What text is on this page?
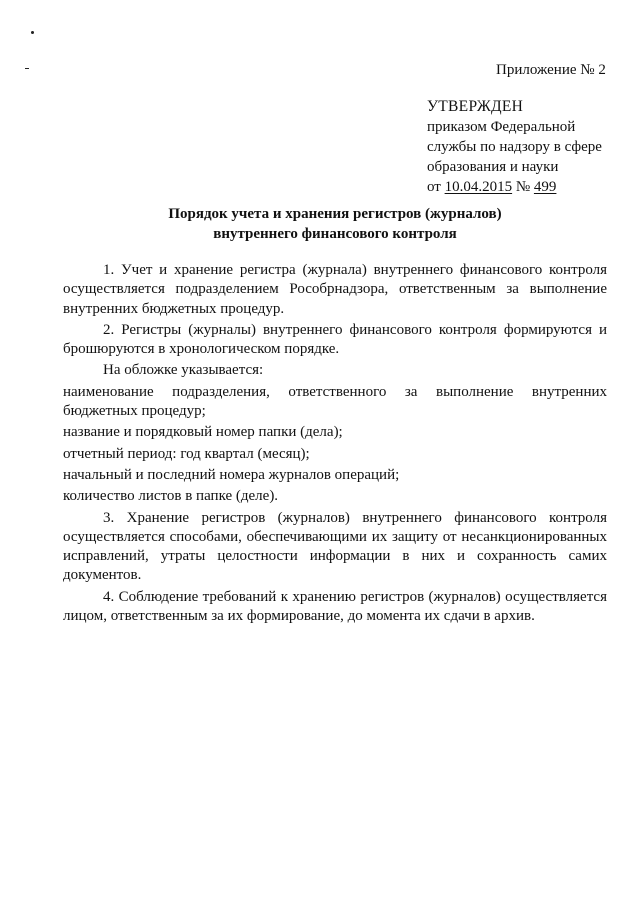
Приложение № 2
УТВЕРЖДЕН
приказом Федеральной
службы по надзору в сфере
образования и науки
от 10.04.2015 № 499
Порядок учета и хранения регистров (журналов)
внутреннего финансового контроля

1. Учет и хранение регистра (журнала) внутреннего финансового контроля осуществляется подразделением Рособрнадзора, ответственным за выполнение внутренних бюджетных процедур.

2. Регистры (журналы) внутреннего финансового контроля формируются и брошюруются в хронологическом порядке.

На обложке указывается:

наименование подразделения, ответственного за выполнение внутренних бюджетных процедур;

название и порядковый номер папки (дела);

отчетный период: год квартал (месяц);

начальный и последний номера журналов операций;

количество листов в папке (деле).

3. Хранение регистров (журналов) внутреннего финансового контроля осуществляется способами, обеспечивающими их защиту от несанкционированных исправлений, утраты целостности информации в них и сохранность самих документов.

4. Соблюдение требований к хранению регистров (журналов) осуществляется лицом, ответственным за их формирование, до момента их сдачи в архив.
